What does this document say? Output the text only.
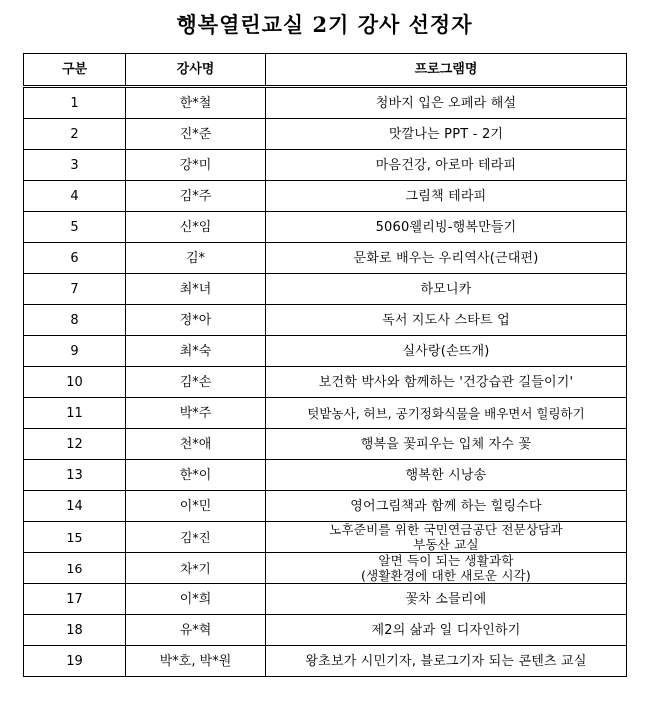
행복열린교실 2기 강사 선정자
구분	강사명	프로그램명
1	한*철	청바지 입은 오페라 해설
2	진*준	맛깔나는 PPT - 2기
3	강*미	마음건강, 아로마 테라피
4	김*주	그림책 테라피
5	신*임	5060웰리빙-행복만들기
6	김*	문화로 배우는 우리역사(근대편)
7	최*녀	하모니카
8	정*아	독서 지도사 스타트 업
9	최*숙	실사랑(손뜨개)
10	김*손	보건학 박사와 함께하는 '건강습관 길들이기'
11	박*주	텃밭농사, 허브, 공기정화식물을 배우면서 힐링하기
12	천*애	행복을 꽃피우는 입체 자수 꽃
13	한*이	행복한 시낭송
14	이*민	영어그림책과 함께 하는 힐링수다
15	김*진	노후준비를 위한 국민연금공단 전문상담과
부동산 교실

16	차*기	알면 득이 되는 생활과학
(생활환경에 대한 새로운 시각)

17	이*희	꽃차 소믈리에
18	유*혁	제2의 삶과 일 디자인하기
19	박*호, 박*원	왕초보가 시민기자, 블로그기자 되는 콘텐츠 교실
